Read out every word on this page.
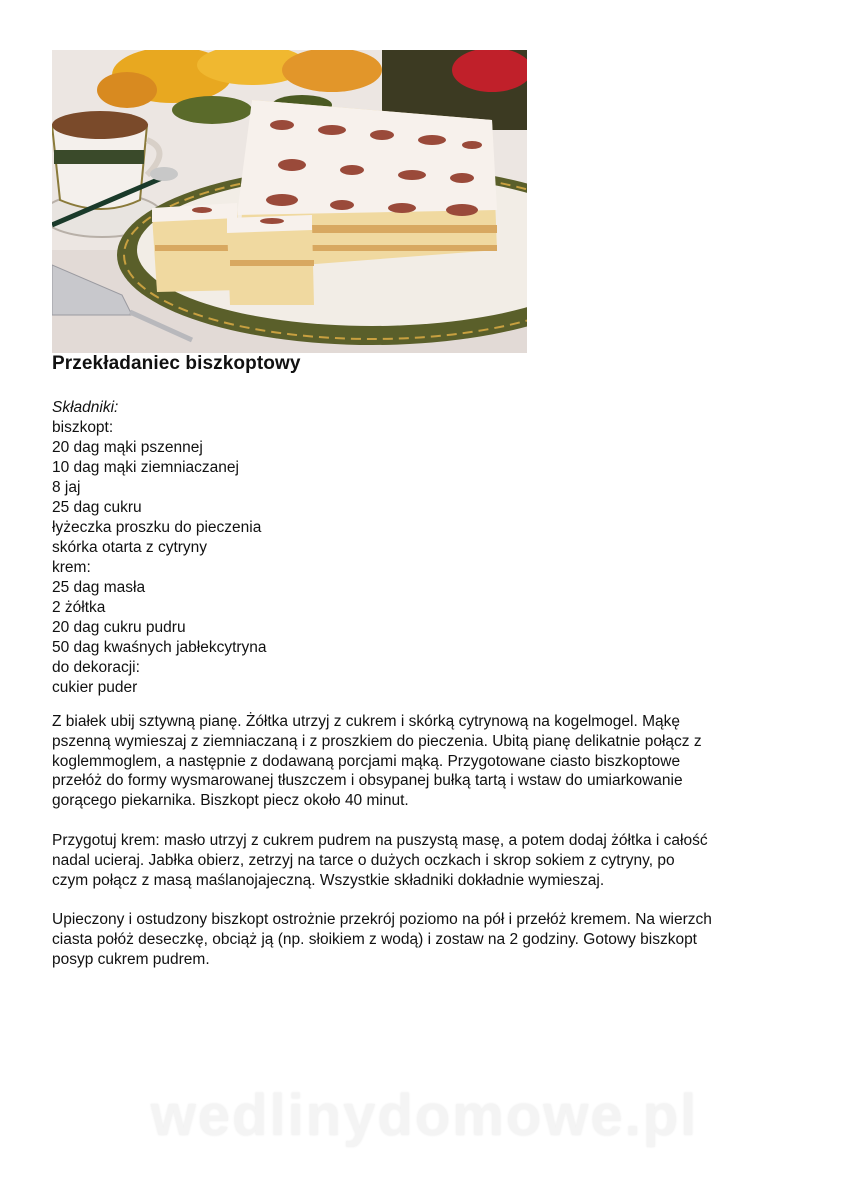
Przekładaniec biszkoptowy
Składniki:
biszkopt:
20 dag mąki pszennej
10 dag mąki ziemniaczanej
8 jaj
25 dag cukru
łyżeczka proszku do pieczenia
skórka otarta z cytryny
krem:
25 dag masła
2 żółtka
20 dag cukru pudru
50 dag kwaśnych jabłekcytryna
do dekoracji:
cukier puder
Z białek ubij sztywną pianę. Żółtka utrzyj z cukrem i skórką cytrynową na kogelmogel. Mąkę
pszenną wymieszaj z ziemniaczaną i z proszkiem do pieczenia. Ubitą pianę delikatnie połącz z
koglemmoglem, a następnie z dodawaną porcjami mąką. Przygotowane ciasto biszkoptowe
przełóż do formy wysmarowanej tłuszczem i obsypanej bułką tartą i wstaw do umiarkowanie
gorącego piekarnika. Biszkopt piecz około 40 minut.
Przygotuj krem: masło utrzyj z cukrem pudrem na puszystą masę, a potem dodaj żółtka i całość
nadal ucieraj. Jabłka obierz, zetrzyj na tarce o dużych oczkach i skrop sokiem z cytryny, po
czym połącz z masą maślanojajeczną. Wszystkie składniki dokładnie wymieszaj.
Upieczony i ostudzony biszkopt ostrożnie przekrój poziomo na pół i przełóż kremem. Na wierzch
ciasta połóż deseczkę, obciąż ją (np. słoikiem z wodą) i zostaw na 2 godziny. Gotowy biszkopt
posyp cukrem pudrem.
wedlinydomowe.pl
